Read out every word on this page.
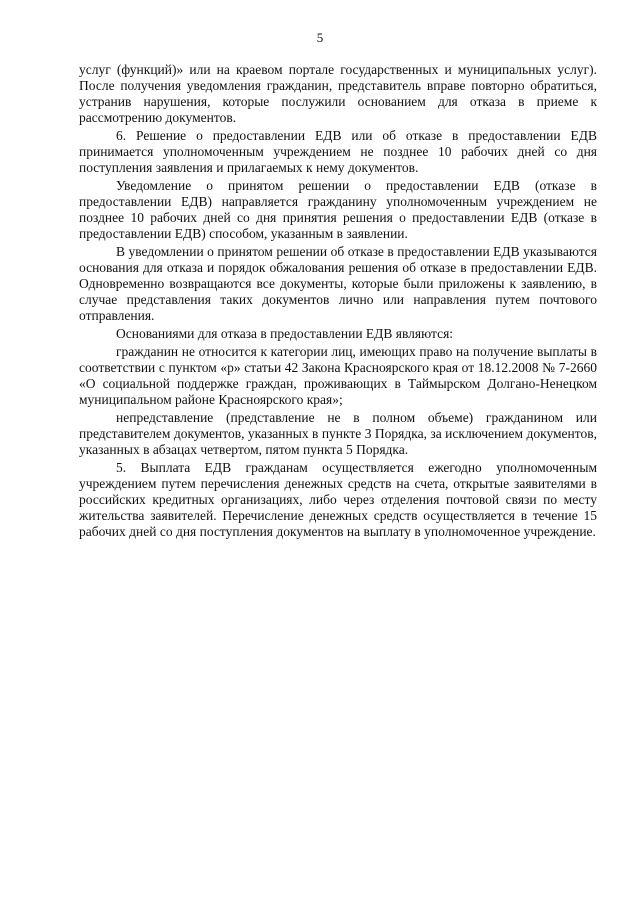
5

услуг (функций)» или на краевом портале государственных и муниципальных услуг). После получения уведомления гражданин, представитель вправе повторно обратиться, устранив нарушения, которые послужили основанием для отказа в приеме к рассмотрению документов.

6. Решение о предоставлении ЕДВ или об отказе в предоставлении ЕДВ принимается уполномоченным учреждением не позднее 10 рабочих дней со дня поступления заявления и прилагаемых к нему документов.

Уведомление о принятом решении о предоставлении ЕДВ (отказе в предоставлении ЕДВ) направляется гражданину уполномоченным учреждением не позднее 10 рабочих дней со дня принятия решения о предоставлении ЕДВ (отказе в предоставлении ЕДВ) способом, указанным в заявлении.

В уведомлении о принятом решении об отказе в предоставлении ЕДВ указываются основания для отказа и порядок обжалования решения об отказе в предоставлении ЕДВ. Одновременно возвращаются все документы, которые были приложены к заявлению, в случае представления таких документов лично или направления путем почтового отправления.

Основаниями для отказа в предоставлении ЕДВ являются:

гражданин не относится к категории лиц, имеющих право на получение выплаты в соответствии с пунктом «р» статьи 42 Закона Красноярского края от 18.12.2008 № 7-2660 «О социальной поддержке граждан, проживающих в Таймырском Долгано-Ненецком муниципальном районе Красноярского края»;

непредставление (представление не в полном объеме) гражданином или представителем документов, указанных в пункте 3 Порядка, за исключением документов, указанных в абзацах четвертом, пятом пункта 5 Порядка.

5. Выплата ЕДВ гражданам осуществляется ежегодно уполномоченным учреждением путем перечисления денежных средств на счета, открытые заявителями в российских кредитных организациях, либо через отделения почтовой связи по месту жительства заявителей. Перечисление денежных средств осуществляется в течение 15 рабочих дней со дня поступления документов на выплату в уполномоченное учреждение.
